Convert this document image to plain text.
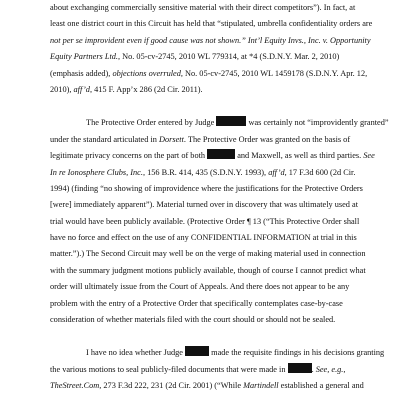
about exchanging commercially sensitive material with their direct competitors”). In fact, at
least one district court in this Circuit has held that “stipulated, umbrella confidentiality orders are
not per se improvident even if good cause was not shown.” Int’l Equity Invs., Inc. v. Opportunity
Equity Partners Ltd., No. 05-cv-2745, 2010 WL 779314, at *4 (S.D.N.Y. Mar. 2, 2010)
(emphasis added), objections overruled, No. 05-cv-2745, 2010 WL 1459178 (S.D.N.Y. Apr. 12,
2010), aff’d, 415 F. App’x 286 (2d Cir. 2011).
The Protective Order entered by Judge	was certainly not “improvidently granted”
under the standard articulated in Dorsett. The Protective Order was granted on the basis of
legitimate privacy concerns on the part of both	and Maxwell, as well as third parties. See
In re Ionosphere Clubs, Inc., 156 B.R. 414, 435 (S.D.N.Y. 1993), aff’d, 17 F.3d 600 (2d Cir.
1994) (finding “no showing of improvidence where the justifications for the Protective Orders
[were] immediately apparent”). Material turned over in discovery that was ultimately used at
trial would have been publicly available. (Protective Order ¶ 13 (“This Protective Order shall
have no force and effect on the use of any CONFIDENTIAL INFORMATION at trial in this
matter.”).) The Second Circuit may well be on the verge of making material used in connection
with the summary judgment motions publicly available, though of course I cannot predict what
order will ultimately issue from the Court of Appeals. And there does not appear to be any
problem with the entry of a Protective Order that specifically contemplates case-by-case
consideration of whether materials filed with the court should or should not be sealed.
I have no idea whether Judge	made the requisite findings in his decisions granting
the various motions to seal publicly-filed documents that were made in	. See, e.g.,
TheStreet.Com, 273 F.3d 222, 231 (2d Cir. 2001) (“While Martindell established a general and
